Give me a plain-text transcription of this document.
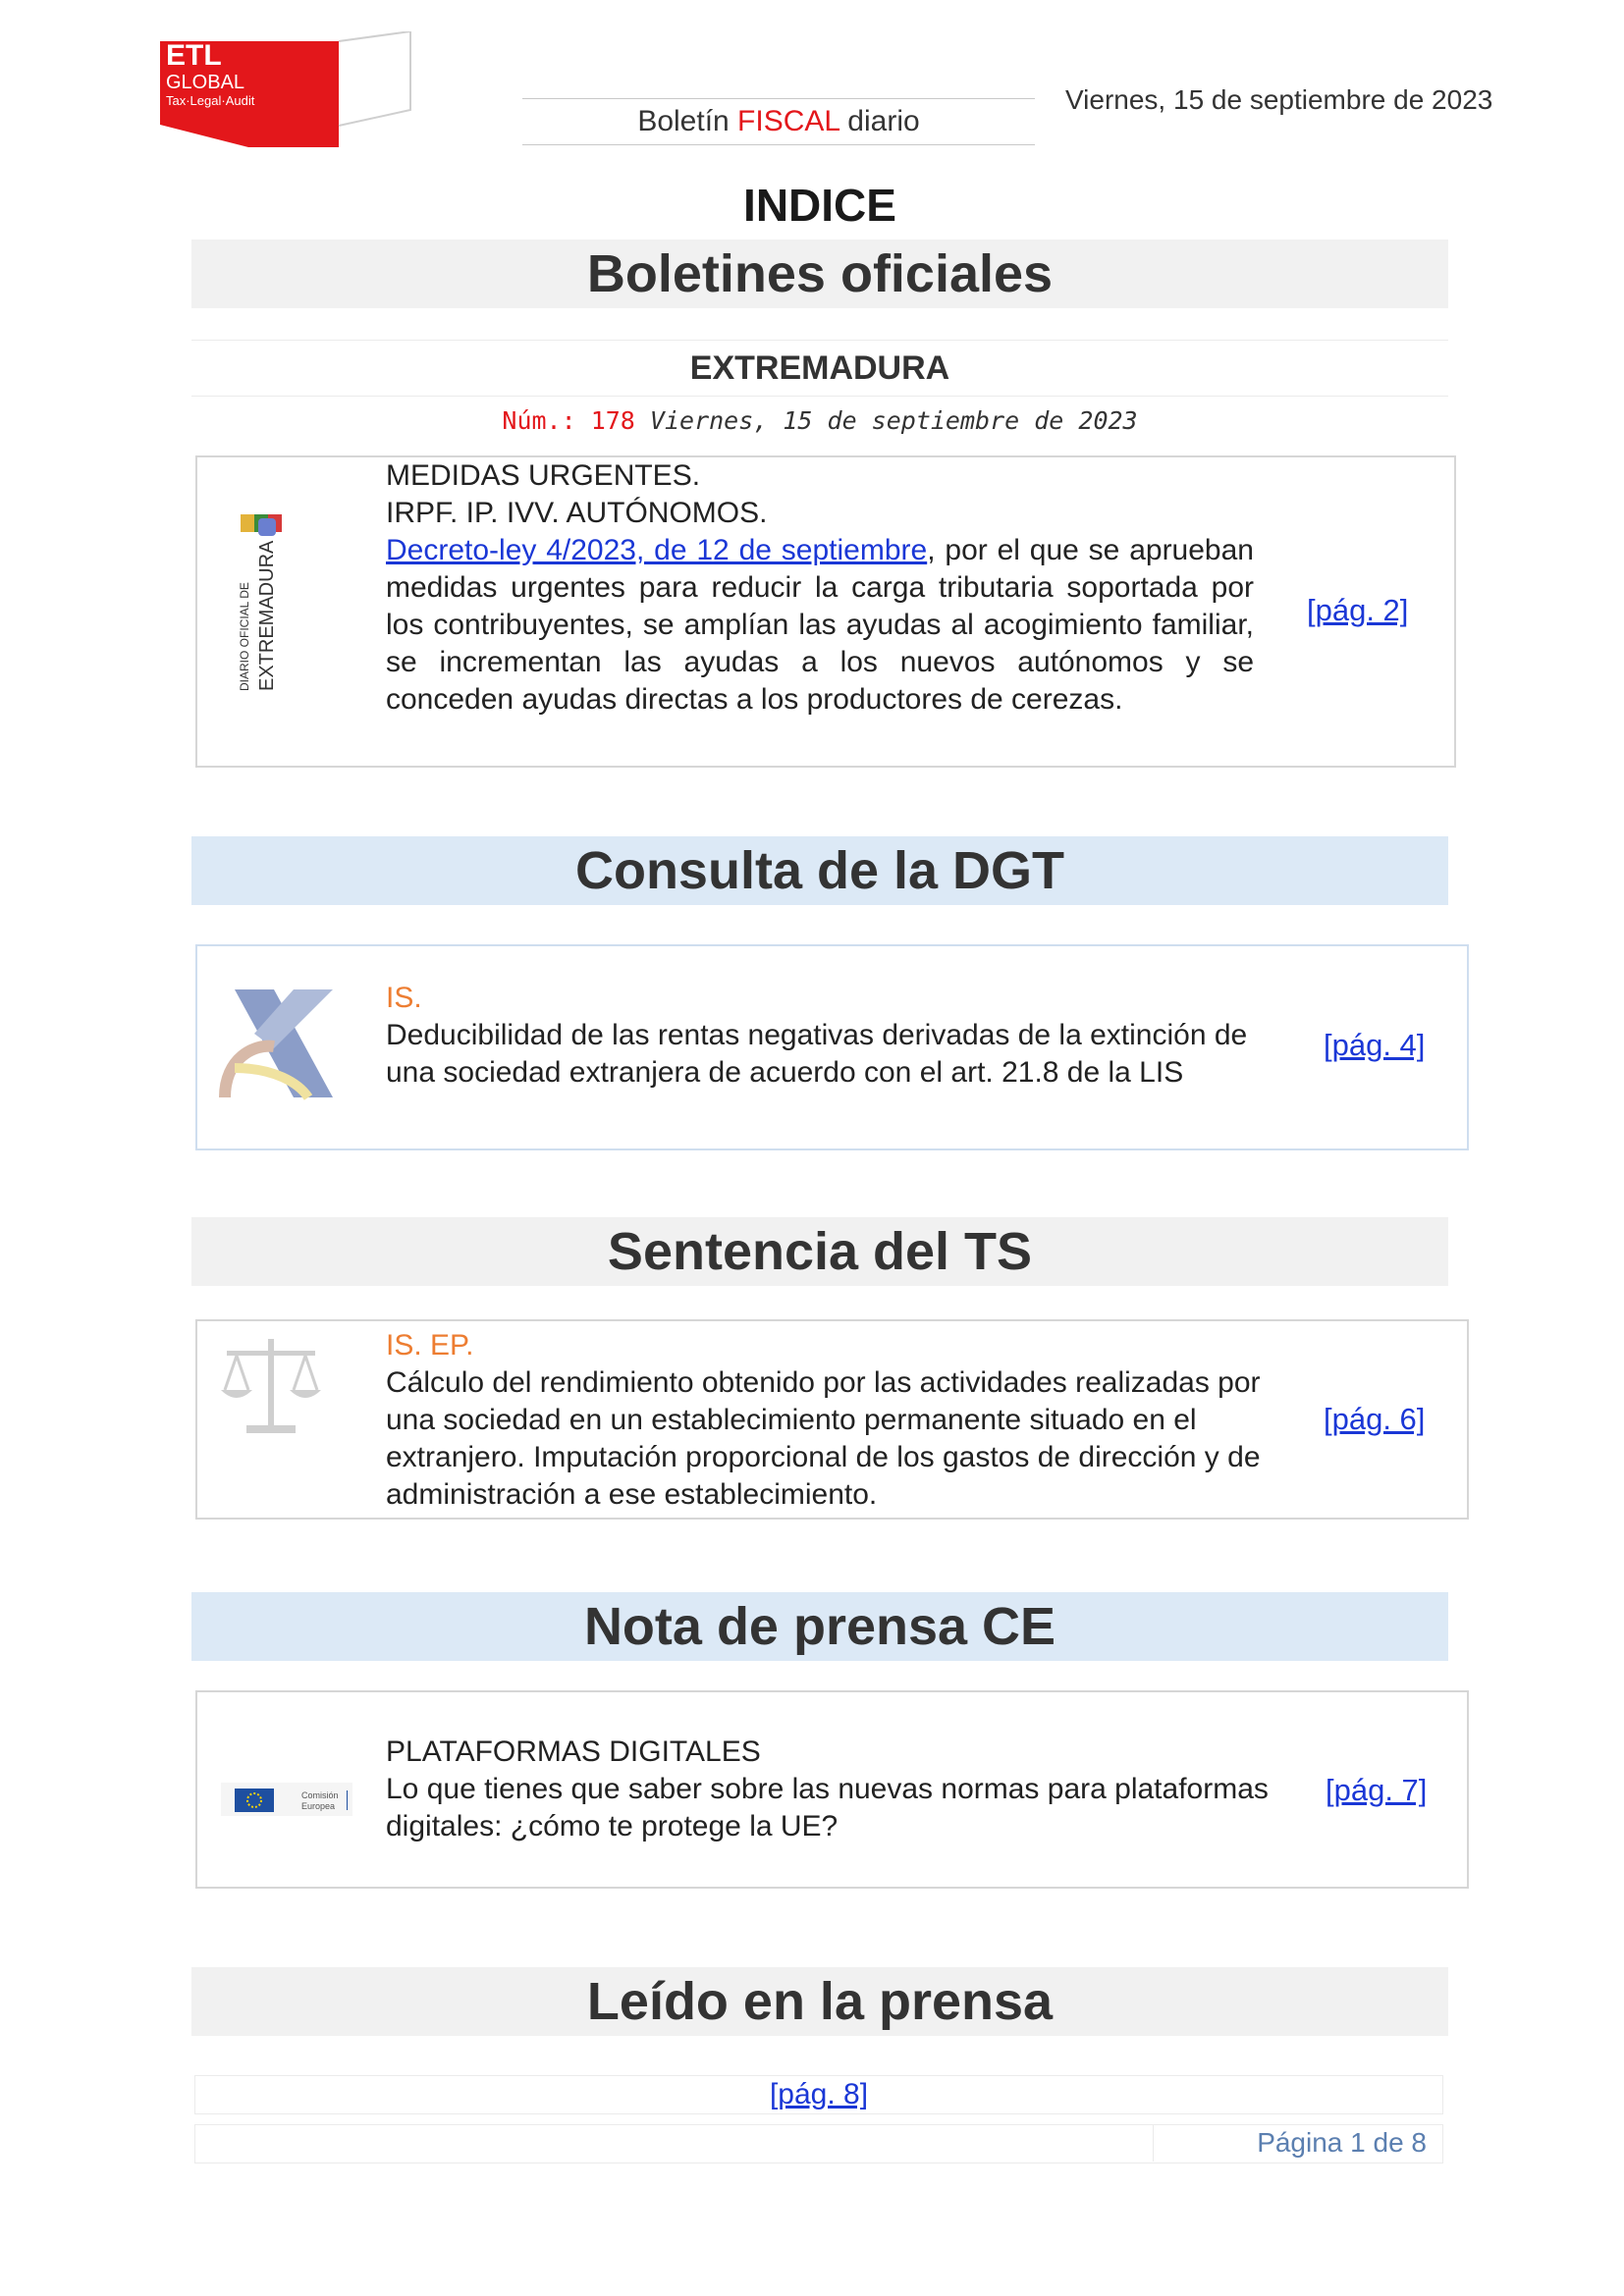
ETL
GLOBAL
Tax·Legal·Audit
Boletín FISCAL diario
Viernes, 15 de septiembre de 2023
INDICE
Boletines oficiales
EXTREMADURA
Núm.: 178 Viernes, 15 de septiembre de 2023
DIARIO OFICIAL DE EXTREMADURA
MEDIDAS URGENTES.
IRPF. IP. IVV. AUTÓNOMOS.
Decreto-ley 4/2023, de 12 de septiembre, por el que se aprueban medidas urgentes para reducir la carga tributaria soportada por los contribuyentes, se amplían las ayudas al acogimiento familiar, se incrementan las ayudas a los nuevos autónomos y se conceden ayudas directas a los productores de cerezas.
[pág. 2]
Consulta de la DGT
IS.
Deducibilidad de las rentas negativas derivadas de la extinción de una sociedad extranjera de acuerdo con el art. 21.8 de la LIS
[pág. 4]
Sentencia del TS
IS. EP.
Cálculo del rendimiento obtenido por las actividades realizadas por una sociedad en un establecimiento permanente situado en el extranjero. Imputación proporcional de los gastos de dirección y de administración a ese establecimiento.
[pág. 6]
Nota de prensa CE
Comisión
Europea
PLATAFORMAS DIGITALES
Lo que tienes que saber sobre las nuevas normas para plataformas digitales: ¿cómo te protege la UE?
[pág. 7]
Leído en la prensa
[pág. 8]
Página 1 de 8
